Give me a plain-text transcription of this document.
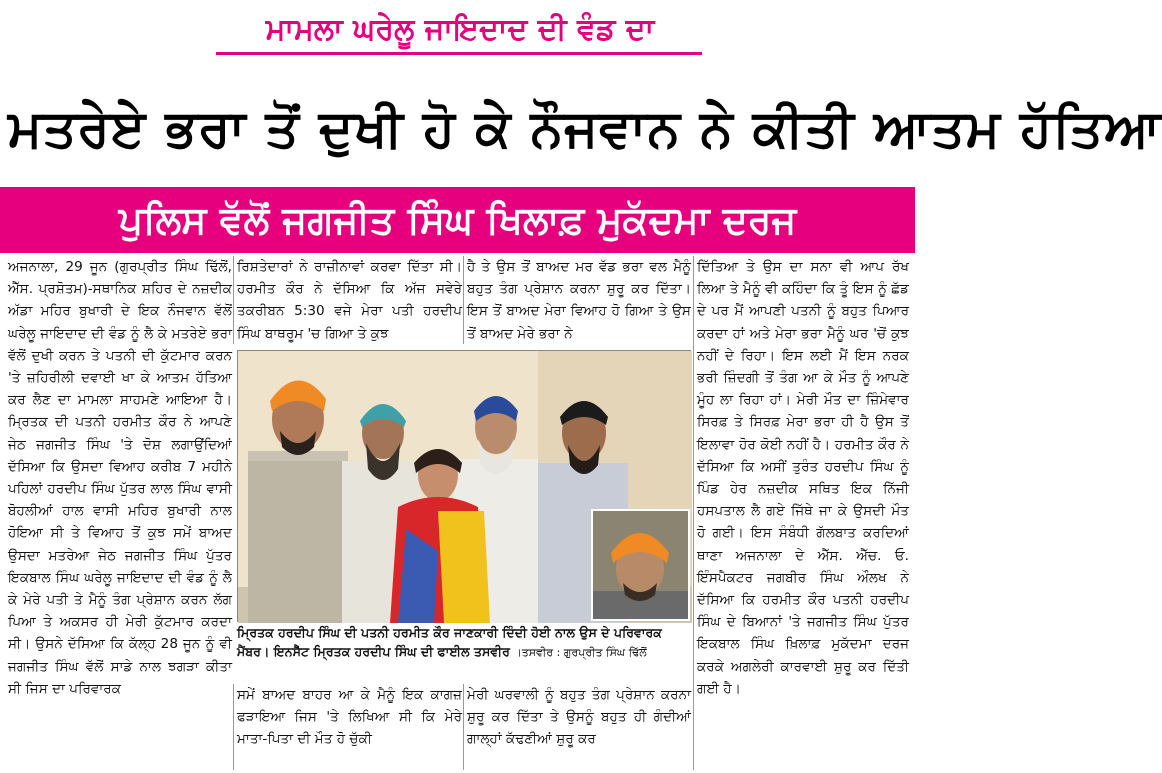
ਮਾਮਲਾ ਘਰੇਲੂ ਜਾਇਦਾਦ ਦੀ ਵੰਡ ਦਾ
ਮਤਰੇਏ ਭਰਾ ਤੋਂ ਦੁਖੀ ਹੋ ਕੇ ਨੌਜਵਾਨ ਨੇ ਕੀਤੀ ਆਤਮ ਹੱਤਿਆ
ਪੁਲਿਸ ਵੱਲੋਂ ਜਗਜੀਤ ਸਿੰਘ ਖਿਲਾਫ਼ ਮੁਕੱਦਮਾ ਦਰਜ

ਅਜਨਾਲਾ, 29 ਜੂਨ (ਗੁਰਪ੍ਰੀਤ ਸਿੰਘ ਢਿੱਲੋਂ, ਐੱਸ. ਪ੍ਰਸ਼ੋਤਮ)-ਸਥਾਨਿਕ ਸ਼ਹਿਰ ਦੇ ਨਜ਼ਦੀਕ ਅੱਡਾ ਮਹਿਰ ਬੁਖਾਰੀ ਦੇ ਇਕ ਨੌਜਵਾਨ ਵੱਲੋਂ ਘਰੇਲੂ ਜਾਇਦਾਦ ਦੀ ਵੰਡ ਨੂੰ ਲੈ ਕੇ ਮਤਰੇਏ ਭਰਾ ਵੱਲੋਂ ਦੁਖੀ ਕਰਨ ਤੇ ਪਤਨੀ ਦੀ ਕੁੱਟਮਾਰ ਕਰਨ 'ਤੇ ਜ਼ਹਿਰੀਲੀ ਦਵਾਈ ਖਾ ਕੇ ਆਤਮ ਹੱਤਿਆ ਕਰ ਲੈਣ ਦਾ ਮਾਮਲਾ ਸਾਹਮਣੇ ਆਇਆ ਹੈ। ਮ੍ਰਿਤਕ ਦੀ ਪਤਨੀ ਹਰਮੀਤ ਕੌਰ ਨੇ ਆਪਣੇ ਜੇਠ ਜਗਜੀਤ ਸਿੰਘ 'ਤੇ ਦੋਸ਼ ਲਗਾਉਂਦਿਆਂ ਦੱਸਿਆ ਕਿ ਉਸਦਾ ਵਿਆਹ ਕਰੀਬ 7 ਮਹੀਨੇ ਪਹਿਲਾਂ ਹਰਦੀਪ ਸਿੰਘ ਪੁੱਤਰ ਲਾਲ ਸਿੰਘ ਵਾਸੀ ਬੋਹਲੀਆਂ ਹਾਲ ਵਾਸੀ ਮਹਿਰ ਬੁਖਾਰੀ ਨਾਲ ਹੋਇਆ ਸੀ ਤੇ ਵਿਆਹ ਤੋਂ ਕੁਝ ਸਮੇਂ ਬਾਅਦ ਉਸਦਾ ਮਤਰੇਆ ਜੇਠ ਜਗਜੀਤ ਸਿੰਘ ਪੁੱਤਰ ਇਕਬਾਲ ਸਿੰਘ ਘਰੇਲੂ ਜਾਇਦਾਦ ਦੀ ਵੰਡ ਨੂੰ ਲੈ ਕੇ ਮੇਰੇ ਪਤੀ ਤੇ ਮੈਨੂੰ ਤੰਗ ਪ੍ਰੇਸ਼ਾਨ ਕਰਨ ਲੱਗ ਪਿਆ ਤੇ ਅਕਸਰ ਹੀ ਮੇਰੀ ਕੁੱਟਮਾਰ ਕਰਦਾ ਸੀ। ਉਸਨੇ ਦੱਸਿਆ ਕਿ ਕੱਲ੍ਹ 28 ਜੂਨ ਨੂੰ ਵੀ ਜਗਜੀਤ ਸਿੰਘ ਵੱਲੋਂ ਸਾਡੇ ਨਾਲ ਝਗੜਾ ਕੀਤਾ ਸੀ ਜਿਸ ਦਾ ਪਰਿਵਾਰਕ

ਰਿਸ਼ਤੇਦਾਰਾਂ ਨੇ ਰਾਜ਼ੀਨਾਵਾਂ ਕਰਵਾ ਦਿੱਤਾ ਸੀ। ਹਰਮੀਤ ਕੌਰ ਨੇ ਦੱਸਿਆ ਕਿ ਅੱਜ ਸਵੇਰੇ ਤਕਰੀਬਨ 5:30 ਵਜੇ ਮੇਰਾ ਪਤੀ ਹਰਦੀਪ ਸਿੰਘ ਬਾਥਰੂਮ 'ਚ ਗਿਆ ਤੇ ਕੁਝ

ਹੈ ਤੇ ਉਸ ਤੋਂ ਬਾਅਦ ਮਰ ਵੱਡ ਭਰਾ ਵਲ ਮੈਨੂੰ ਬਹੁਤ ਤੰਗ ਪ੍ਰੇਸ਼ਾਨ ਕਰਨਾ ਸ਼ੁਰੂ ਕਰ ਦਿੱਤਾ। ਇਸ ਤੋਂ ਬਾਅਦ ਮੇਰਾ ਵਿਆਹ ਹੋ ਗਿਆ ਤੇ ਉਸ ਤੋਂ ਬਾਅਦ ਮੇਰੇ ਭਰਾ ਨੇ

ਦਿੱਤਿਆ ਤੇ ਉਸ ਦਾ ਸਨਾ ਵੀ ਆਪ ਰੱਖ ਲਿਆ ਤੇ ਮੈਨੂੰ ਵੀ ਕਹਿੰਦਾ ਕਿ ਤੂੰ ਇਸ ਨੂੰ ਛੱਡ ਦੇ ਪਰ ਮੈਂ ਆਪਣੀ ਪਤਨੀ ਨੂੰ ਬਹੁਤ ਪਿਆਰ ਕਰਦਾ ਹਾਂ ਅਤੇ ਮੇਰਾ ਭਰਾ ਮੈਨੂੰ ਘਰ 'ਚੋਂ ਕੁਝ ਨਹੀਂ ਦੇ ਰਿਹਾ। ਇਸ ਲਈ ਮੈਂ ਇਸ ਨਰਕ ਭਰੀ ਜ਼ਿੰਦਗੀ ਤੋਂ ਤੰਗ ਆ ਕੇ ਮੌਤ ਨੂੰ ਆਪਣੇ ਮੂੰਹ ਲਾ ਰਿਹਾ ਹਾਂ। ਮੇਰੀ ਮੌਤ ਦਾ ਜ਼ਿੰਮੇਵਾਰ ਸਿਰਫ਼ ਤੇ ਸਿਰਫ਼ ਮੇਰਾ ਭਰਾ ਹੀ ਹੈ ਉਸ ਤੋਂ ਇਲਾਵਾ ਹੋਰ ਕੋਈ ਨਹੀਂ ਹੈ। ਹਰਮੀਤ ਕੌਰ ਨੇ ਦੱਸਿਆ ਕਿ ਅਸੀਂ ਤੁਰੰਤ ਹਰਦੀਪ ਸਿੰਘ ਨੂੰ ਪਿੰਡ ਹੇਰ ਨਜ਼ਦੀਕ ਸਥਿਤ ਇਕ ਨਿੱਜੀ ਹਸਪਤਾਲ ਲੈ ਗਏ ਜਿੱਥੇ ਜਾ ਕੇ ਉਸਦੀ ਮੌਤ ਹੋ ਗਈ। ਇਸ ਸੰਬੰਧੀ ਗੱਲਬਾਤ ਕਰਦਿਆਂ ਥਾਣਾ ਅਜਨਾਲਾ ਦੇ ਐੱਸ. ਐੱਚ. ਓ. ਇੰਸਪੈਕਟਰ ਜਗਬੀਰ ਸਿੰਘ ਔਲਖ ਨੇ ਦੱਸਿਆ ਕਿ ਹਰਮੀਤ ਕੌਰ ਪਤਨੀ ਹਰਦੀਪ ਸਿੰਘ ਦੇ ਬਿਆਨਾਂ 'ਤੇ ਜਗਜੀਤ ਸਿੰਘ ਪੁੱਤਰ ਇਕਬਾਲ ਸਿੰਘ ਖ਼ਿਲਾਫ਼ ਮੁਕੱਦਮਾ ਦਰਜ ਕਰਕੇ ਅਗਲੇਰੀ ਕਾਰਵਾਈ ਸ਼ੁਰੂ ਕਰ ਦਿੱਤੀ ਗਈ ਹੈ।

ਮ੍ਰਿਤਕ ਹਰਦੀਪ ਸਿੰਘ ਦੀ ਪਤਨੀ ਹਰਮੀਤ ਕੌਰ ਜਾਣਕਾਰੀ ਦਿੰਦੀ ਹੋਈ ਨਾਲ ਉਸ ਦੇ ਪਰਿਵਾਰਕ ਮੈਂਬਰ। ਇਨਸੈੱਟ ਮ੍ਰਿਤਕ ਹਰਦੀਪ ਸਿੰਘ ਦੀ ਫਾਈਲ ਤਸਵੀਰ ।ਤਸਵੀਰ : ਗੁਰਪ੍ਰੀਤ ਸਿੰਘ ਢਿੱਲੋਂ

ਸਮੇਂ ਬਾਅਦ ਬਾਹਰ ਆ ਕੇ ਮੈਨੂੰ ਇਕ ਕਾਗਜ਼ ਫੜਾਇਆ ਜਿਸ 'ਤੇ ਲਿਖਿਆ ਸੀ ਕਿ ਮੇਰੇ ਮਾਤਾ-ਪਿਤਾ ਦੀ ਮੌਤ ਹੋ ਚੁੱਕੀ

ਮੇਰੀ ਘਰਵਾਲੀ ਨੂੰ ਬਹੁਤ ਤੰਗ ਪ੍ਰੇਸ਼ਾਨ ਕਰਨਾ ਸ਼ੁਰੂ ਕਰ ਦਿੱਤਾ ਤੇ ਉਸਨੂੰ ਬਹੁਤ ਹੀ ਗੰਦੀਆਂ ਗਾਲ੍ਹਾਂ ਕੱਢਣੀਆਂ ਸ਼ੁਰੂ ਕਰ
